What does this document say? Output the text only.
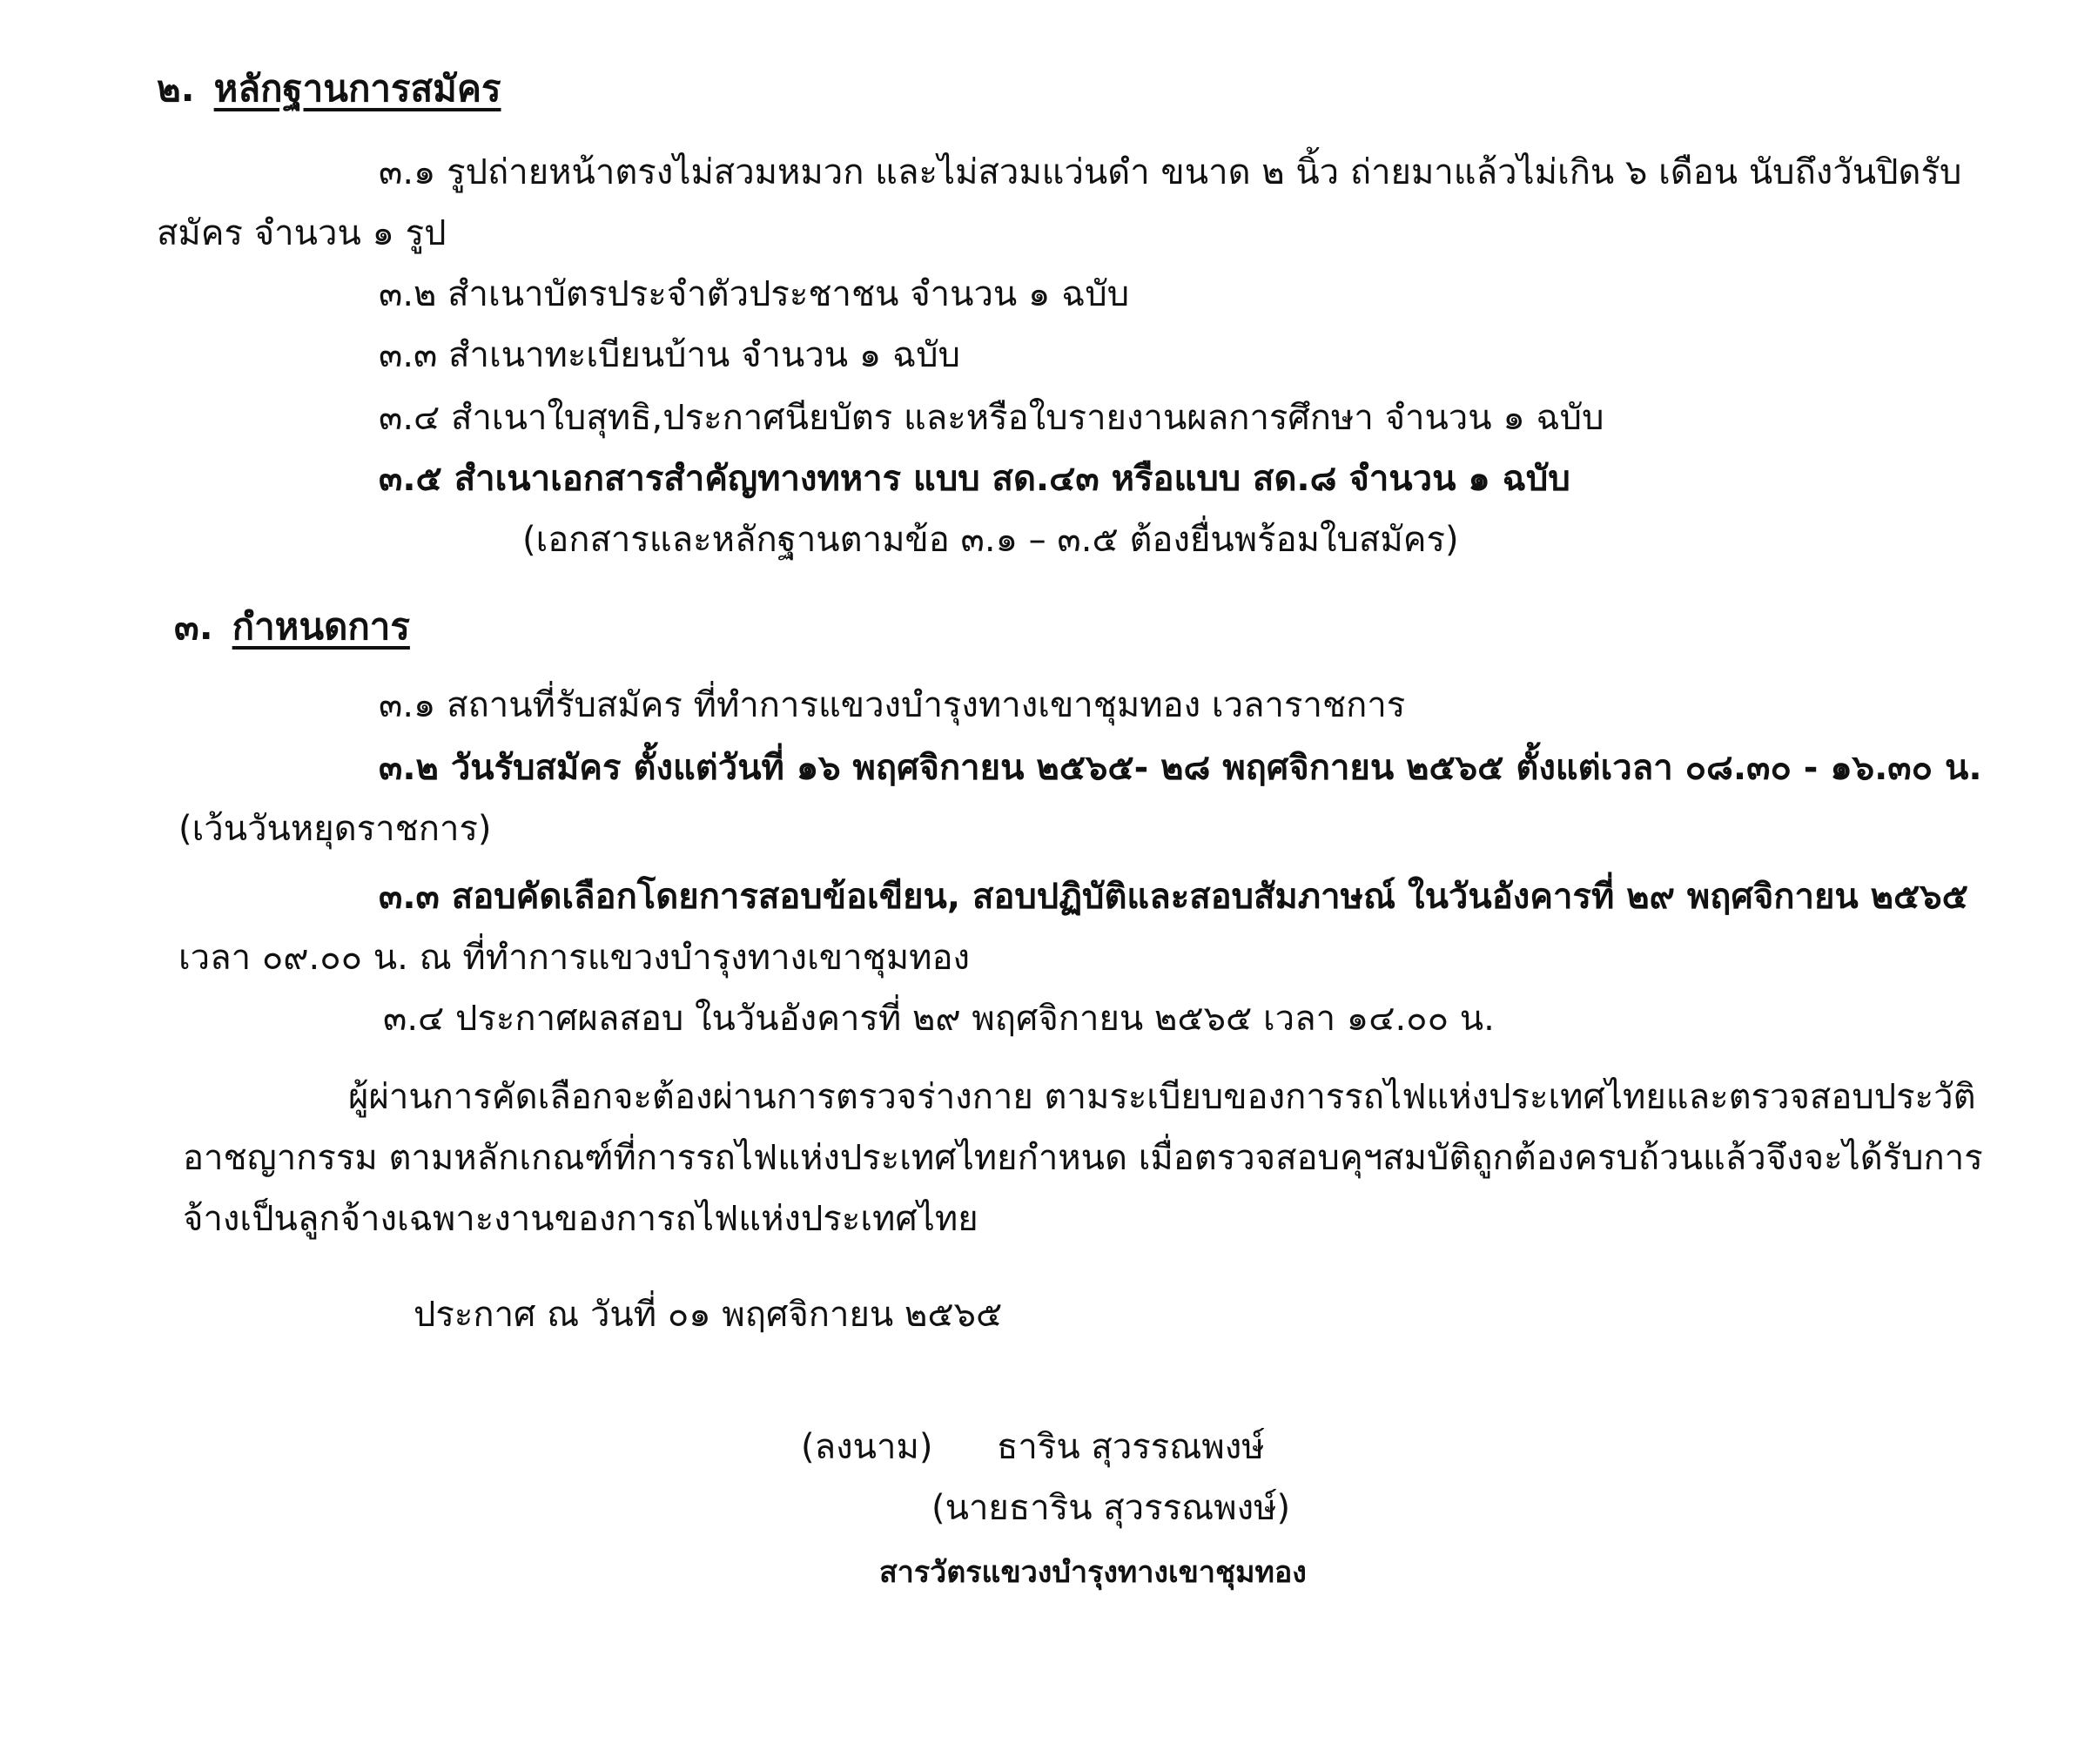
๒. หลักฐานการสมัคร
๓.๑ รูปถ่ายหน้าตรงไม่สวมหมวก และไม่สวมแว่นดำ ขนาด ๒ นิ้ว ถ่ายมาแล้วไม่เกิน ๖ เดือน นับถึงวันปิดรับ
สมัคร จำนวน ๑ รูป
๓.๒ สำเนาบัตรประจำตัวประชาชน จำนวน ๑ ฉบับ
๓.๓ สำเนาทะเบียนบ้าน จำนวน ๑ ฉบับ
๓.๔ สำเนาใบสุทธิ,ประกาศนียบัตร และหรือใบรายงานผลการศึกษา จำนวน ๑ ฉบับ
๓.๕ สำเนาเอกสารสำคัญทางทหาร แบบ สด.๔๓ หรือแบบ สด.๘ จำนวน ๑ ฉบับ
(เอกสารและหลักฐานตามข้อ ๓.๑ – ๓.๕ ต้องยื่นพร้อมใบสมัคร)
๓. กำหนดการ
๓.๑ สถานที่รับสมัคร ที่ทำการแขวงบำรุงทางเขาชุมทอง เวลาราชการ
๓.๒ วันรับสมัคร ตั้งแต่วันที่ ๑๖ พฤศจิกายน ๒๕๖๕- ๒๘ พฤศจิกายน ๒๕๖๕ ตั้งแต่เวลา ๐๘.๓๐ - ๑๖.๓๐ น.
(เว้นวันหยุดราชการ)
๓.๓ สอบคัดเลือกโดยการสอบข้อเขียน, สอบปฏิบัติและสอบสัมภาษณ์ ในวันอังคารที่ ๒๙ พฤศจิกายน ๒๕๖๕
เวลา ๐๙.๐๐ น. ณ ที่ทำการแขวงบำรุงทางเขาชุมทอง
๓.๔ ประกาศผลสอบ ในวันอังคารที่ ๒๙ พฤศจิกายน ๒๕๖๕ เวลา ๑๔.๐๐ น.
ผู้ผ่านการคัดเลือกจะต้องผ่านการตรวจร่างกาย ตามระเบียบของการรถไฟแห่งประเทศไทยและตรวจสอบประวัติ
อาชญากรรม ตามหลักเกณฑ์ที่การรถไฟแห่งประเทศไทยกำหนด เมื่อตรวจสอบคุฯสมบัติถูกต้องครบถ้วนแล้วจึงจะได้รับการ
จ้างเป็นลูกจ้างเฉพาะงานของการถไฟแห่งประเทศไทย
ประกาศ ณ วันที่ ๐๑ พฤศจิกายน ๒๕๖๕
(ลงนาม) ธาริน สุวรรณพงษ์
(นายธาริน สุวรรณพงษ์)
สารวัตรแขวงบำรุงทางเขาชุมทอง
